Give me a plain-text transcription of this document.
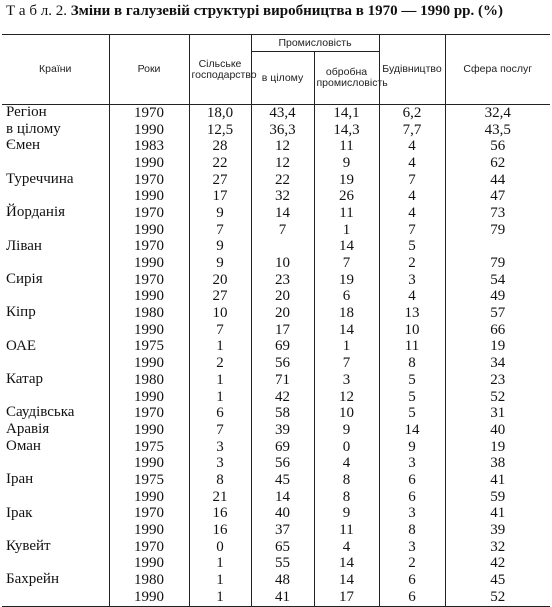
Т а б л. 2. Зміни в галузевій структурі виробництва в 1970 — 1990 рр. (%)
Країни	Роки	Сільське господарство	Промисловість		Будівництво	Сфера послуг
			в цілому	обробна промисловість		
Регіон	1970	18,0	43,4	14,1	6,2	32,4
в цілому	1990	12,5	36,3	14,3	7,7	43,5
Ємен	1983	28	12	11	4	56
	1990	22	12	9	4	62
Туреччина	1970	27	22	19	7	44
	1990	17	32	26	4	47
Йорданія	1970	9	14	11	4	73
	1990	7	7	1	7	79
Ліван	1970	9		14	5	
	1990	9	10	7	2	79
Сирія	1970	20	23	19	3	54
	1990	27	20	6	4	49
Кіпр	1980	10	20	18	13	57
	1990	7	17	14	10	66
ОАЕ	1975	1	69	1	11	19
	1990	2	56	7	8	34
Катар	1980	1	71	3	5	23
	1990	1	42	12	5	52
Саудівська	1970	6	58	10	5	31
Аравія	1990	7	39	9	14	40
Оман	1975	3	69	0	9	19
	1990	3	56	4	3	38
Іран	1975	8	45	8	6	41
	1990	21	14	8	6	59
Ірак	1970	16	40	9	3	41
	1990	16	37	11	8	39
Кувейт	1970	0	65	4	3	32
	1990	1	55	14	2	42
Бахрейн	1980	1	48	14	6	45
	1990	1	41	17	6	52
